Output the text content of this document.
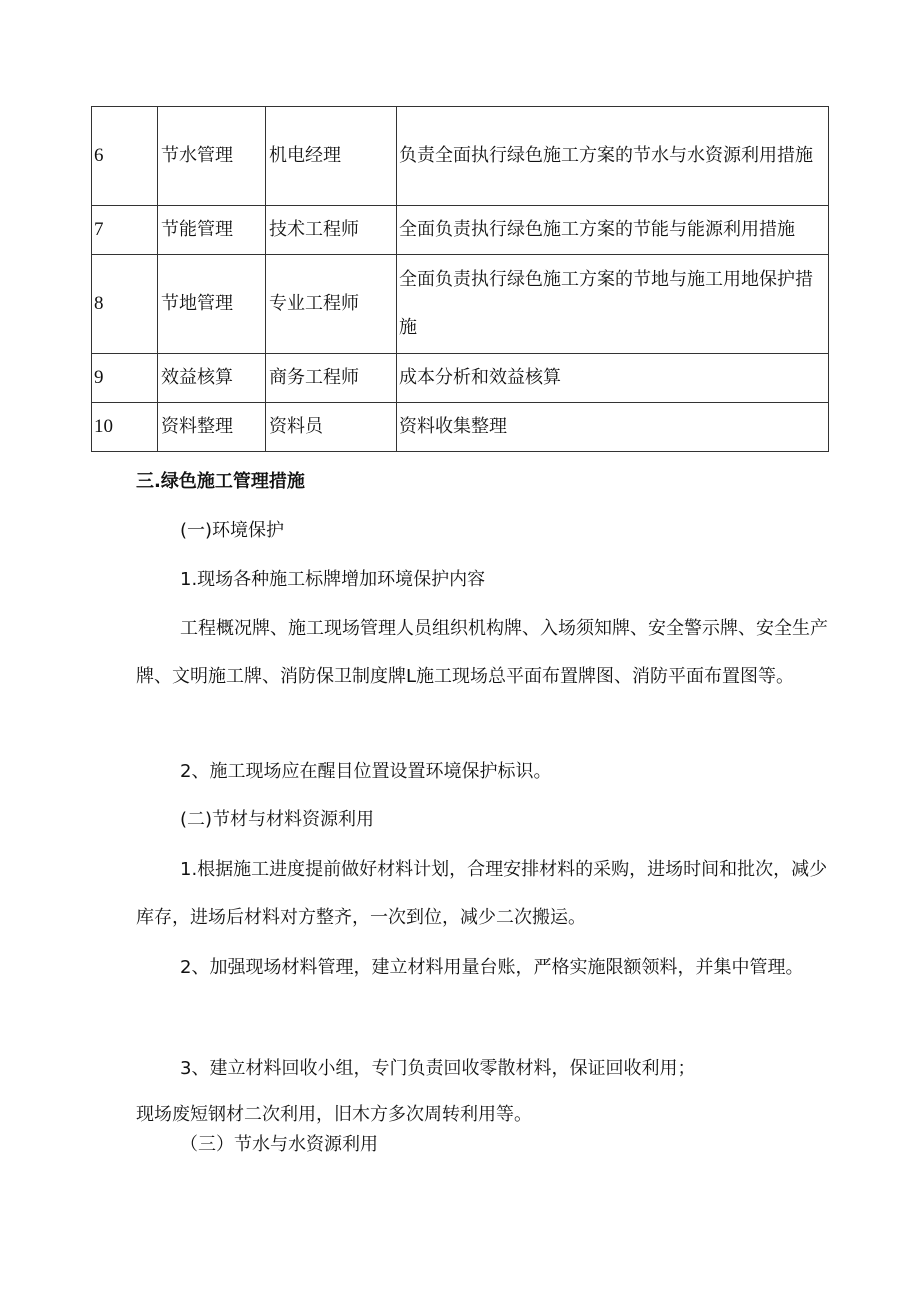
6	节水管理	机电经理	负责全面执行绿色施工方案的节水与水资源利用措施
7	节能管理	技术工程师	全面负责执行绿色施工方案的节能与能源利用措施
8	节地管理	专业工程师	全面负责执行绿色施工方案的节地与施工用地保护措施
9	效益核算	商务工程师	成本分析和效益核算
10	资料整理	资料员	资料收集整理
三.绿色施工管理措施
(一)环境保护
1.现场各种施工标牌增加环境保护内容
工程概况牌、施工现场管理人员组织机构牌、入场须知牌、安全警示牌、安全生产牌、文明施工牌、消防保卫制度牌L施工现场总平面布置牌图、消防平面布置图等。
2、施工现场应在醒目位置设置环境保护标识。
(二)节材与材料资源利用
1.根据施工进度提前做好材料计划，合理安排材料的采购，进场时间和批次，减少库存，进场后材料对方整齐，一次到位，减少二次搬运。
2、加强现场材料管理，建立材料用量台账，严格实施限额领料，并集中管理。
3、建立材料回收小组，专门负责回收零散材料，保证回收利用；
现场废短钢材二次利用，旧木方多次周转利用等。
（三）节水与水资源利用
